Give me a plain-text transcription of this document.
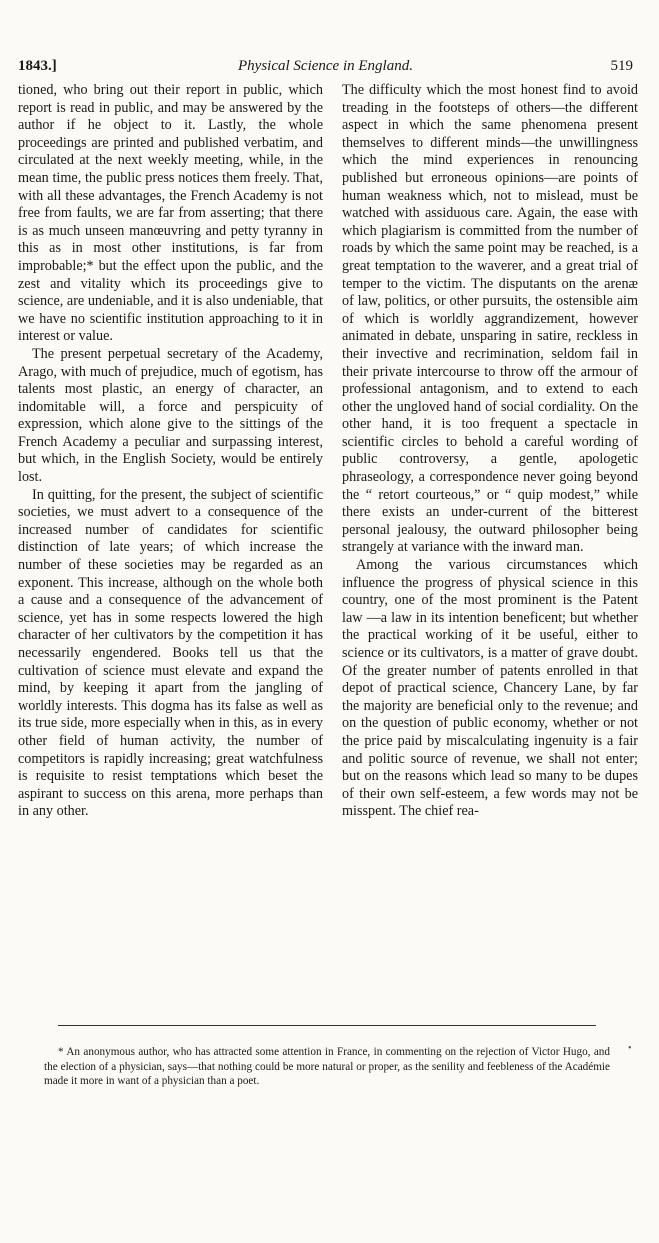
1843.]	Physical Science in England.	519

tioned, who bring out their report in public, which report is read in public, and may be answered by the author if he object to it. Lastly, the whole proceedings are printed and published verbatim, and circulated at the next weekly meeting, while, in the mean time, the public press notices them freely. That, with all these advantages, the French Academy is not free from faults, we are far from asserting; that there is as much unseen manœuvring and petty tyranny in this as in most other institutions, is far from improbable;* but the effect upon the public, and the zest and vitality which its proceedings give to science, are undeniable, and it is also undeniable, that we have no scientific institution approaching to it in interest or value.

The present perpetual secretary of the Academy, Arago, with much of prejudice, much of egotism, has talents most plastic, an energy of character, an indomitable will, a force and perspicuity of expression, which alone give to the sittings of the French Academy a peculiar and surpassing interest, but which, in the English Society, would be entirely lost.

In quitting, for the present, the subject of scientific societies, we must advert to a consequence of the increased number of candidates for scientific distinction of late years; of which increase the number of these societies may be regarded as an exponent. This increase, although on the whole both a cause and a consequence of the advancement of science, yet has in some respects lowered the high character of her cultivators by the competition it has necessarily engendered. Books tell us that the cultivation of science must elevate and expand the mind, by keeping it apart from the jangling of worldly interests. This dogma has its false as well as its true side, more especially when in this, as in every other field of human activity, the number of competitors is rapidly increasing; great watchfulness is requisite to resist temptations which beset the aspirant to success on this arena, more perhaps than in any other.

The difficulty which the most honest find to avoid treading in the footsteps of others—the different aspect in which the same phenomena present themselves to different minds—the unwillingness which the mind experiences in renouncing published but erroneous opinions—are points of human weakness which, not to mislead, must be watched with assiduous care. Again, the ease with which plagiarism is committed from the number of roads by which the same point may be reached, is a great temptation to the waverer, and a great trial of temper to the victim. The disputants on the arenæ of law, politics, or other pursuits, the ostensible aim of which is worldly aggrandizement, however animated in debate, unsparing in satire, reckless in their invective and recrimination, seldom fail in their private intercourse to throw off the armour of professional antagonism, and to extend to each other the ungloved hand of social cordiality. On the other hand, it is too frequent a spectacle in scientific circles to behold a careful wording of public controversy, a gentle, apologetic phraseology, a correspondence never going beyond the “ retort courteous,” or “ quip modest,” while there exists an under-current of the bitterest personal jealousy, the outward philosopher being strangely at variance with the inward man.

Among the various circumstances which influence the progress of physical science in this country, one of the most prominent is the Patent law —a law in its intention beneficent; but whether the practical working of it be useful, either to science or its cultivators, is a matter of grave doubt. Of the greater number of patents enrolled in that depot of practical science, Chancery Lane, by far the majority are beneficial only to the revenue; and on the question of public economy, whether or not the price paid by miscalculating ingenuity is a fair and politic source of revenue, we shall not enter; but on the reasons which lead so many to be dupes of their own self-esteem, a few words may not be misspent. The chief rea-

* An anonymous author, who has attracted some attention in France, in commenting on the rejection of Victor Hugo, and the election of a physician, says—that nothing could be more natural or proper, as the senility and feebleness of the Académie made it more in want of a physician than a poet.

•
